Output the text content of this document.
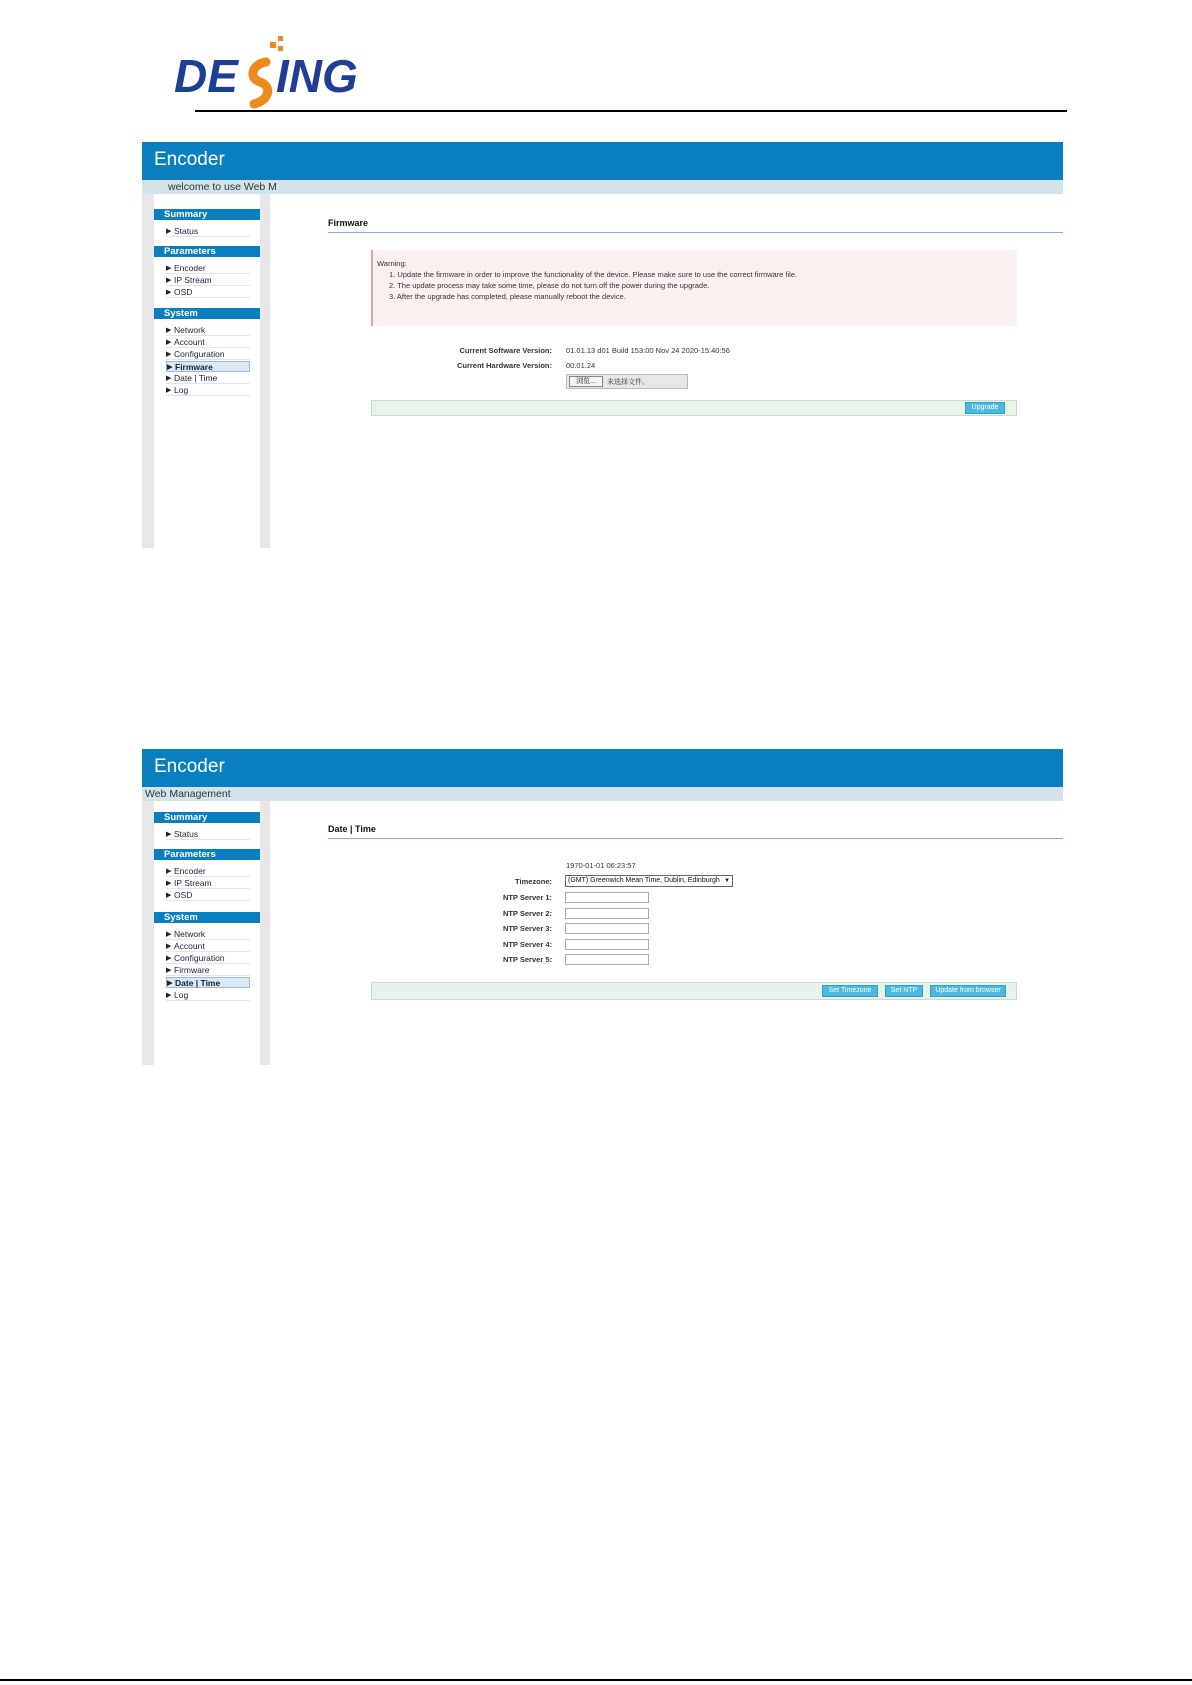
DE ING
Encoder
welcome to use Web M
Summary
▶ Status
Parameters
▶ Encoder
▶ IP Stream
▶ OSD
System
▶ Network
▶ Account
▶ Configuration
▶ Firmware
▶ Date | Time
▶ Log
Firmware
Warning:
1. Update the firmware in order to improve the functionality of the device. Please make sure to use the correct firmware file.
2. The update process may take some time, please do not turn off the power during the upgrade.
3. After the upgrade has completed, please manually reboot the device.
Current Software Version: 01.01.13 d01 Build 153:00 Nov 24 2020-15:40:56
Current Hardware Version: 00.01.24
浏览...	未选择文件。
Upgrade
Encoder
Web Management
Summary
▶ Status
Parameters
▶ Encoder
▶ IP Stream
▶ OSD
System
▶ Network
▶ Account
▶ Configuration
▶ Firmware
▶ Date | Time
▶ Log
Date | Time
1970-01-01 06:23:57
Timezone:	(GMT) Greenwich Mean Time, Dublin, Edinburgh ▼
NTP Server 1:
NTP Server 2:
NTP Server 3:
NTP Server 4:
NTP Server 5:
Set Timezone	Set NTP	Update from browser
